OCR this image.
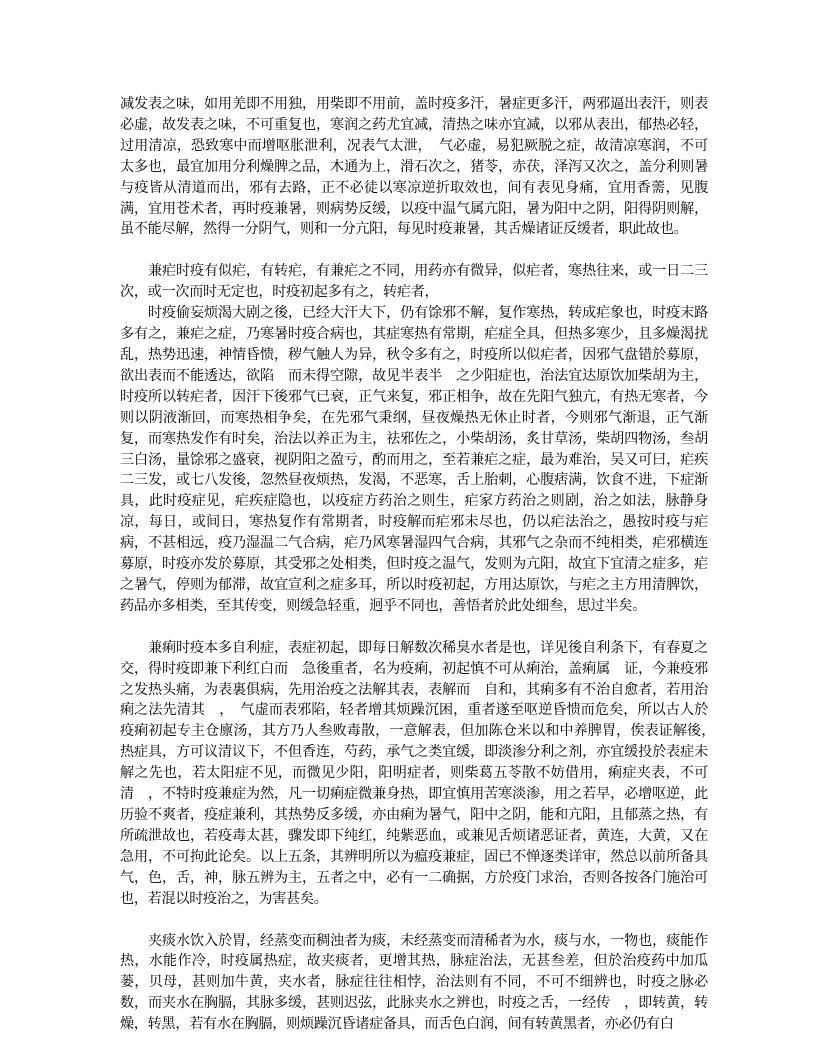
减发表之味，如用羌即不用独，用柴即不用前，盖时疫多汗，暑症更多汗，两邪逼出表汗，则表必虚，故发表之味，不可重复也，寒润之药尤宜减，清热之味亦宜减，以邪从表出，郁热必轻，过用清凉，恐致寒中而增呕胀泄利，况表气太泄，　气必虚，易犯厥脱之症，故清凉寒润，不可太多也，最宜加用分利燥脾之品，木通为上，滑石次之，猪苓，赤茯，泽泻又次之，盖分利则暑与疫皆从清道而出，邪有去路，正不必徒以寒凉逆折取效也，间有表见身痛，宜用香薷，见腹满，宜用苍术者，再时疫兼暑，则病势反缓，以疫中温气属亢阳，暑为阳中之阴，阳得阴则解，虽不能尽解，然得一分阴气，则和一分亢阳，每见时疫兼暑，其舌燥诸证反缓者，职此故也。

兼疟时疫有似疟，有转疟，有兼疟之不同，用药亦有微异，似疟者，寒热往来，或一日二三次，或一次而时无定也，时疫初起多有之，转疟者，

时疫偷妄烦渴大剧之後，已经大汗大下，仍有馀邪不解，复作寒热，转成疟象也，时疫末路多有之，兼疟之症，乃寒暑时疫合病也，其症寒热有常期，疟症全具，但热多寒少，且多燥渴扰乱，热势迅速，神情昏愦，秽气触人为异，秋令多有之，时疫所以似疟者，因邪气盘错於募原，欲出表而不能透达，欲陷　而未得空隙，故见半表半　之少阳症也，治法宜达原饮加柴胡为主，时疫所以转疟者，因汗下後邪气已衰，正气来复，邪正相争，故在先阳气独亢，有热无寒者，今则以阴液渐回，而寒热相争矣，在先邪气秉纲，昼夜燥热无休止时者，今则邪气渐退，正气渐复，而寒热发作有时矣，治法以养正为主，祛邪佐之，小柴胡汤，炙甘草汤，柴胡四物汤，叁胡三白汤，量馀邪之盛衰，视阴阳之盈亏，酌而用之，至若兼疟之症，最为难治，吴又可曰，疟疾二三发，或七八发後，忽然昼夜烦热，发渴，不恶寒，舌上胎刺，心腹痞满，饮食不进，下症渐具，此时疫症见，疟疾症隐也，以疫症方药治之则生，疟家方药治之则剧，治之如法，脉静身凉，每日，或间日，寒热复作有常期者，时疫解而疟邪未尽也，仍以疟法治之，愚按时疫与疟病，不甚相远，疫乃湿温二气合病，疟乃风寒暑湿四气合病，其邪气之杂而不纯相类，疟邪横连募原，时疫亦发於募原，其受邪之处相类，但时疫之温气，发则为亢阳，故宜下宜清之症多，疟之暑气，停则为郁滞，故宜宣利之症多耳，所以时疫初起，方用达原饮，与疟之主方用清脾饮，药品亦多相类，至其传变，则缓急轻重，迥乎不同也，善悟者於此处细叁，思过半矣。

兼痢时疫本多自利症，表症初起，即每日解数次稀臭水者是也，详见後自利条下，有春夏之交，得时疫即兼下利红白而　急後重者，名为疫痢，初起慎不可从痢治，盖痢属　证，今兼疫邪之发热头痛，为表裏俱病，先用治疫之法解其表，表解而　自和，其痢多有不治自愈者，若用治痢之法先清其　，　气虚而表邪陷，轻者增其烦躁沉困，重者遂至呕逆昏愦而危矣，所以古人於疫痢初起专主仓廪汤，其方乃人叁败毒散，一意解表，但加陈仓米以和中养脾胃，俟表证解後，　热症具，方可议清议下，不但香连，芍药，承气之类宜缓，即淡渗分利之剂，亦宜缓投於表症未解之先也，若太阳症不见，而微见少阳，阳明症者，则柴葛五苓散不妨借用，痢症夹表，不可清　，不特时疫兼症为然，凡一切痢症微兼身热，即宜慎用苦寒淡渗，用之若早，必增呕逆，此历验不爽者，疫症兼利，其热势反多缓，亦由痢为暑气，阳中之阴，能和亢阳，且郁蒸之热，有所疏泄故也，若疫毒太甚，骤发即下纯红，纯紫恶血，或兼见舌烦诸恶证者，黄连，大黄，又在急用，不可拘此论矣。以上五条，其辨明所以为瘟疫兼症，固已不惮逐类详审，然总以前所备具气，色，舌，神，脉五辨为主，五者之中，必有一二确据，方於疫门求治，否则各按各门施治可也，若混以时疫治之，为害甚矣。

夹痰水饮入於胃，经蒸变而稠浊者为痰，未经蒸变而清稀者为水，痰与水，一物也，痰能作热，水能作冷，时疫属热症，故夹痰者，更增其热，脉症治法，无甚叁差，但於治疫药中加瓜蒌，贝母，甚则加牛黄，夹水者，脉症往往相悖，治法则有不同，不可不细辨也，时疫之脉必数，而夹水在胸膈，其脉多缓，甚则迟弦，此脉夹水之辨也，时疫之舌，一经传　，即转黄，转燥，转黑，若有水在胸膈，则烦躁沉昏诸症备具，而舌色白润，间有转黄黑者，亦必仍有白
